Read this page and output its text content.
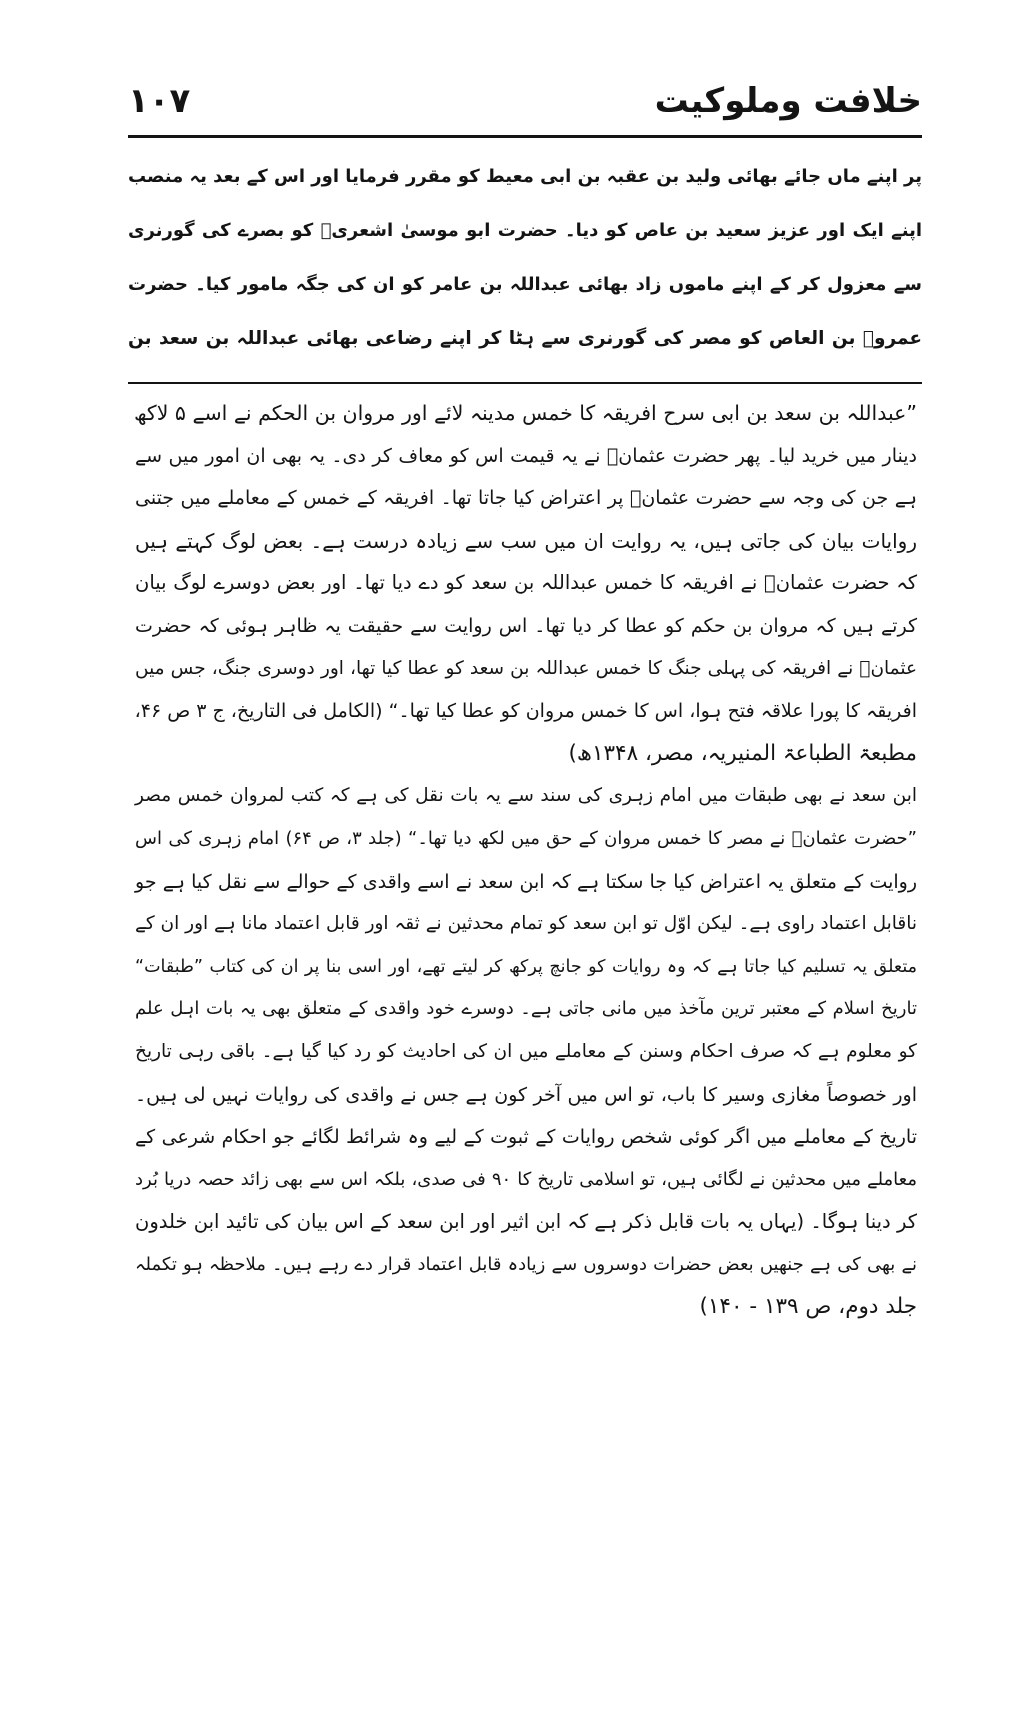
خلافت وملوکیت
۱۰۷
پر اپنے ماں جائے بھائی ولید بن عقبہ بن ابی معیط کو مقرر فرمایا اور اس کے بعد یہ منصب
اپنے ایک اور عزیز سعید بن عاص کو دیا۔ حضرت ابو موسیٰ اشعریؓ کو بصرے کی گورنری
سے معزول کر کے اپنے ماموں زاد بھائی عبداللہ بن عامر کو ان کی جگہ مامور کیا۔ حضرت
عمروؓ بن العاص کو مصر کی گورنری سے ہٹا کر اپنے رضاعی بھائی عبداللہ بن سعد بن
”عبداللہ بن سعد بن ابی سرح افریقہ کا خمس مدینہ لائے اور مروان بن الحکم نے اسے ۵ لاکھ
دینار میں خرید لیا۔ پھر حضرت عثمانؓ نے یہ قیمت اس کو معاف کر دی۔ یہ بھی ان امور میں سے
ہے جن کی وجہ سے حضرت عثمانؓ پر اعتراض کیا جاتا تھا۔ افریقہ کے خمس کے معاملے میں جتنی
روایات بیان کی جاتی ہیں، یہ روایت ان میں سب سے زیادہ درست ہے۔ بعض لوگ کہتے ہیں
کہ حضرت عثمانؓ نے افریقہ کا خمس عبداللہ بن سعد کو دے دیا تھا۔ اور بعض دوسرے لوگ بیان
کرتے ہیں کہ مروان بن حکم کو عطا کر دیا تھا۔ اس روایت سے حقیقت یہ ظاہر ہوئی کہ حضرت
عثمانؓ نے افریقہ کی پہلی جنگ کا خمس عبداللہ بن سعد کو عطا کیا تھا، اور دوسری جنگ، جس میں
افریقہ کا پورا علاقہ فتح ہوا، اس کا خمس مروان کو عطا کیا تھا۔“ (الکامل فی التاریخ، ج ۳ ص ۴۶،
مطبعۃ الطباعۃ المنیریہ، مصر، ۱۳۴۸ھ)
ابن سعد نے بھی طبقات میں امام زہری کی سند سے یہ بات نقل کی ہے کہ کتب لمروان خمس مصر
”حضرت عثمانؓ نے مصر کا خمس مروان کے حق میں لکھ دیا تھا۔“ (جلد ۳، ص ۶۴) امام زہری کی اس
روایت کے متعلق یہ اعتراض کیا جا سکتا ہے کہ ابن سعد نے اسے واقدی کے حوالے سے نقل کیا ہے جو
ناقابل اعتماد راوی ہے۔ لیکن اوّل تو ابن سعد کو تمام محدثین نے ثقہ اور قابل اعتماد مانا ہے اور ان کے
متعلق یہ تسلیم کیا جاتا ہے کہ وہ روایات کو جانچ پرکھ کر لیتے تھے، اور اسی بنا پر ان کی کتاب ”طبقات“
تاریخ اسلام کے معتبر ترین مآخذ میں مانی جاتی ہے۔ دوسرے خود واقدی کے متعلق بھی یہ بات اہل علم
کو معلوم ہے کہ صرف احکام وسنن کے معاملے میں ان کی احادیث کو رد کیا گیا ہے۔ باقی رہی تاریخ
اور خصوصاً مغازی وسیر کا باب، تو اس میں آخر کون ہے جس نے واقدی کی روایات نہیں لی ہیں۔
تاریخ کے معاملے میں اگر کوئی شخص روایات کے ثبوت کے لیے وہ شرائط لگائے جو احکام شرعی کے
معاملے میں محدثین نے لگائی ہیں، تو اسلامی تاریخ کا ۹۰ فی صدی، بلکہ اس سے بھی زائد حصہ دریا بُرد
کر دینا ہوگا۔ (یہاں یہ بات قابل ذکر ہے کہ ابن اثیر اور ابن سعد کے اس بیان کی تائید ابن خلدون
نے بھی کی ہے جنھیں بعض حضرات دوسروں سے زیادہ قابل اعتماد قرار دے رہے ہیں۔ ملاحظہ ہو تکملہ
جلد دوم، ص ۱۳۹ - ۱۴۰)
